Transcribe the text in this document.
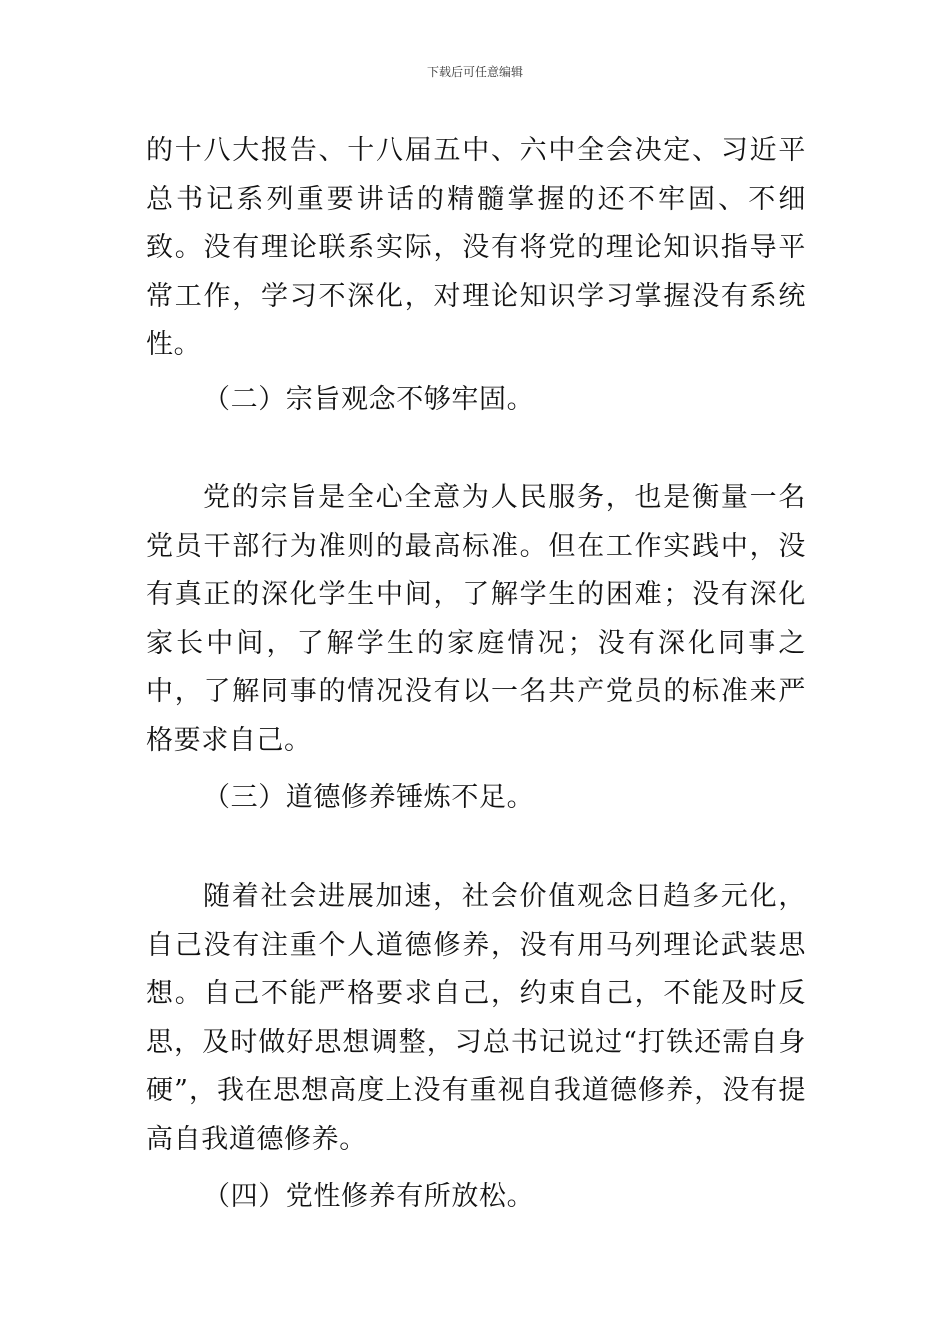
下载后可任意编辑

的十八大报告、十八届五中、六中全会决定、习近平总书记系列重要讲话的精髓掌握的还不牢固、不细致。没有理论联系实际，没有将党的理论知识指导平常工作，学习不深化，对理论知识学习掌握没有系统性。

（二）宗旨观念不够牢固。

党的宗旨是全心全意为人民服务，也是衡量一名党员干部行为准则的最高标准。但在工作实践中，没有真正的深化学生中间，了解学生的困难；没有深化家长中间，了解学生的家庭情况；没有深化同事之中，了解同事的情况没有以一名共产党员的标准来严格要求自己。

（三）道德修养锤炼不足。

随着社会进展加速，社会价值观念日趋多元化，自己没有注重个人道德修养，没有用马列理论武装思想。自己不能严格要求自己，约束自己，不能及时反思，及时做好思想调整，习总书记说过“打铁还需自身硬”，我在思想高度上没有重视自我道德修养，没有提高自我道德修养。

（四）党性修养有所放松。
